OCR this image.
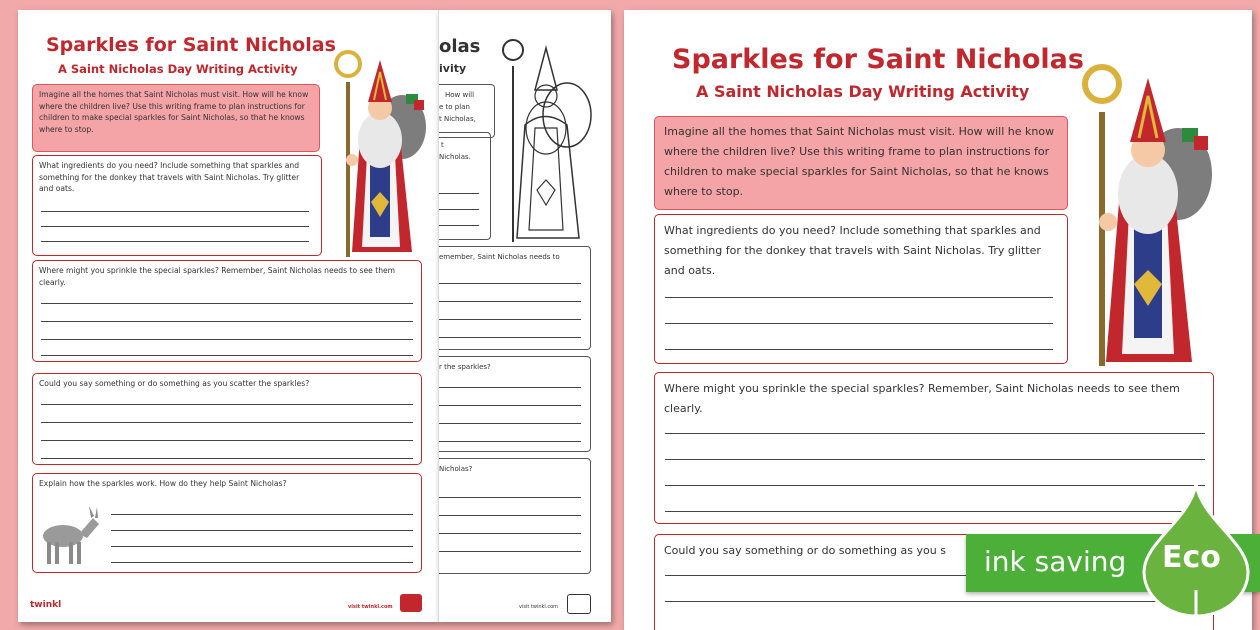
Sparkles for Saint Nicholas
A Saint Nicholas Day Writing Activity
Imagine all the homes that Saint Nicholas must visit. How will he know where the children live? Use this writing frame to plan instructions for children to make special sparkles for Saint Nicholas, so that he knows where to stop.
What ingredients do you need? Include something that sparkles and something for the donkey that travels with Saint Nicholas. Try glitter and oats.
Where might you sprinkle the special sparkles? Remember, Saint Nicholas needs to see them clearly.
Could you say something or do something as you scatter the sparkles?
Explain how the sparkles work. How do they help Saint Nicholas?
twinkl	visit twinkl.com
olas
ivity
How will
e to plan
t Nicholas,
t
Nicholas.
emember, Saint Nicholas needs to
r the sparkles?
Nicholas?
visit twinkl.com
Sparkles for Saint Nicholas
A Saint Nicholas Day Writing Activity
Imagine all the homes that Saint Nicholas must visit. How will he know where the children live? Use this writing frame to plan instructions for children to make special sparkles for Saint Nicholas, so that he knows where to stop.
What ingredients do you need? Include something that sparkles and something for the donkey that travels with Saint Nicholas. Try glitter and oats.
Where might you sprinkle the special sparkles? Remember, Saint Nicholas needs to see them clearly.
Could you say something or do something as you s	ink saving Eco
